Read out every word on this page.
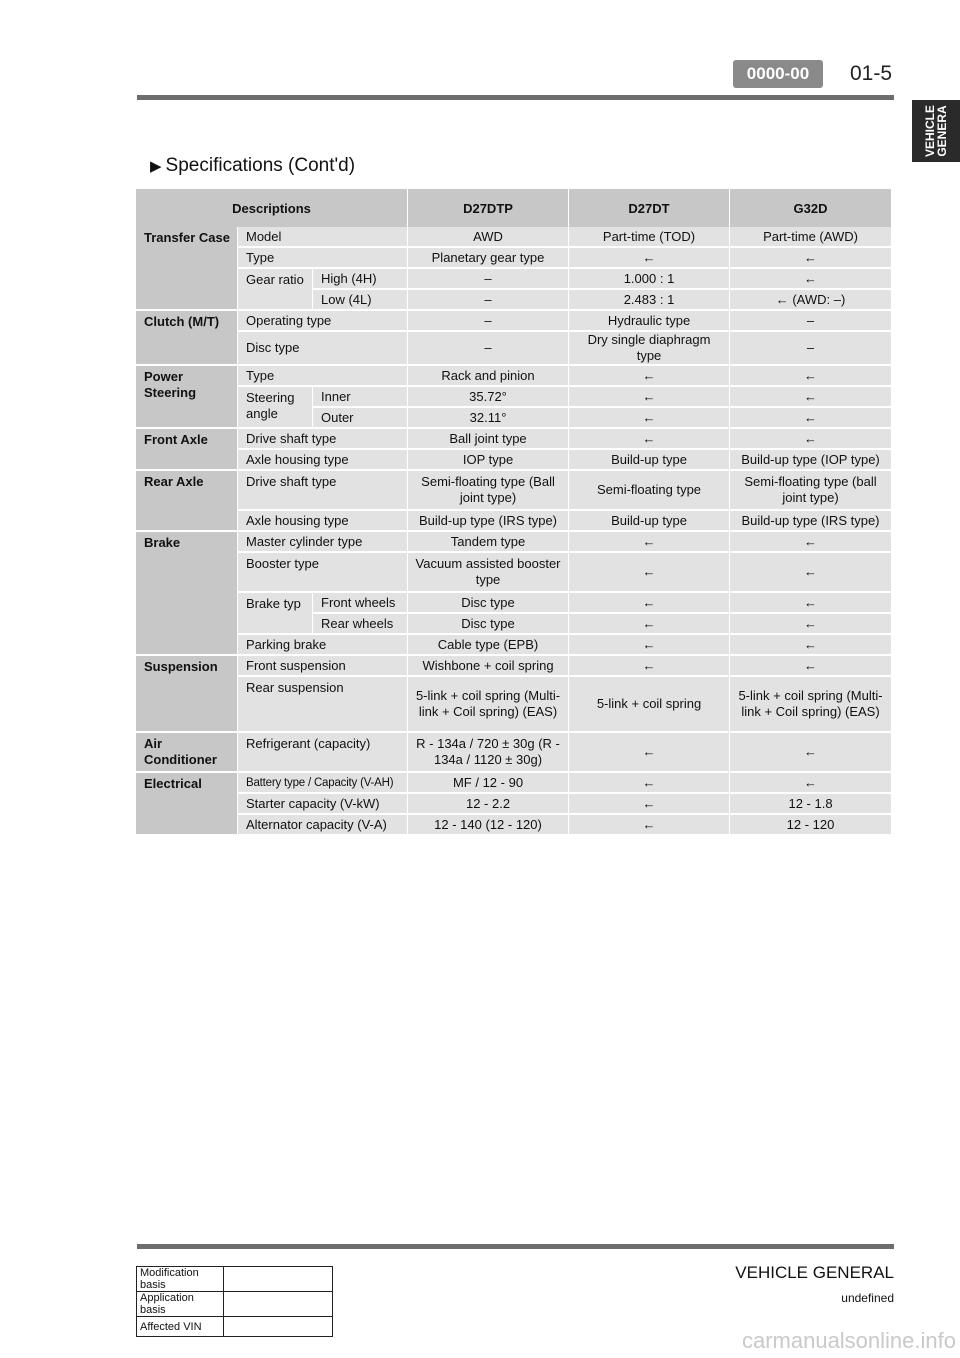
0000-00	01-5
VEHICLE
GENERA
▶ Specifications (Cont'd)
Descriptions			D27DTP	D27DT	G32D
Transfer Case	Model		AWD	Part-time (TOD)	Part-time (AWD)
	Type		Planetary gear type	←	←
	Gear ratio	High (4H)	–	1.000 : 1	←
		Low (4L)	–	2.483 : 1	← (AWD: –)
Clutch (M/T)	Operating type		–	Hydraulic type	–
	Disc type		–	Dry single diaphragm type	–
Power Steering	Type		Rack and pinion	←	←
	Steering angle	Inner	35.72°	←	←
		Outer	32.11°	←	←
Front Axle	Drive shaft type		Ball joint type	←	←
	Axle housing type		IOP type	Build-up type	Build-up type (IOP type)
Rear Axle	Drive shaft type		Semi-floating type (Ball joint type)	Semi-floating type	Semi-floating type (ball joint type)
	Axle housing type		Build-up type (IRS type)	Build-up type	Build-up type (IRS type)
Brake	Master cylinder type		Tandem type	←	←
	Booster type		Vacuum assisted booster type	←	←
	Brake typ	Front wheels	Disc type	←	←
		Rear wheels	Disc type	←	←
	Parking brake		Cable type (EPB)	←	←
Suspension	Front suspension		Wishbone + coil spring	←	←
	Rear suspension		5-link + coil spring (Multi-link + Coil spring) (EAS)	5-link + coil spring	5-link + coil spring (Multi-link + Coil spring) (EAS)
Air Conditioner	Refrigerant (capacity)		R - 134a / 720 ± 30g (R - 134a / 1120 ± 30g)	←	←
Electrical	Battery type / Capacity (V-AH)		MF / 12 - 90	←	←
	Starter capacity (V-kW)		12 - 2.2	←	12 - 1.8
	Alternator capacity (V-A)		12 - 140 (12 - 120)	←	12 - 120
VEHICLE GENERAL
undefined
Modification basis	
Application basis	
Affected VIN	
carmanualsonline.info
